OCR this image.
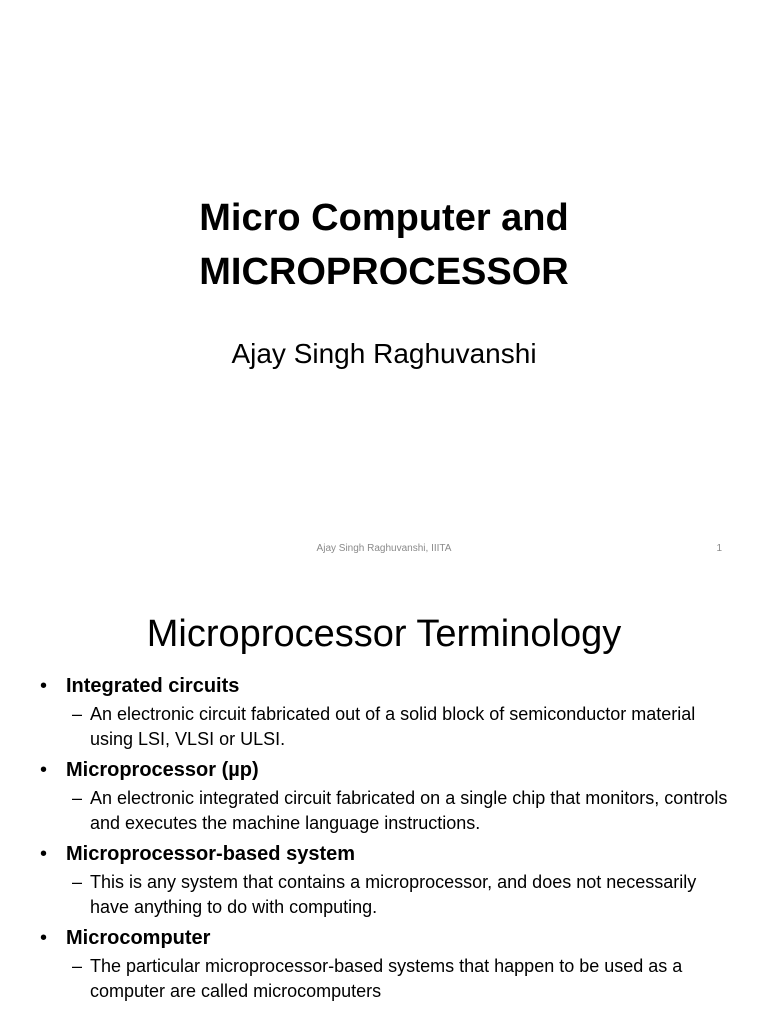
Micro Computer and
MICROPROCESSOR
Ajay Singh Raghuvanshi
Ajay Singh Raghuvanshi, IIITA	1
Microprocessor Terminology
• Integrated circuits
– An electronic circuit fabricated out of a solid block of semiconductor material using LSI, VLSI or ULSI.
• Microprocessor (µp)
– An electronic integrated circuit fabricated on a single chip that monitors, controls and executes the machine language instructions.
• Microprocessor-based system
– This is any system that contains a microprocessor, and does not necessarily have anything to do with computing.
• Microcomputer
– The particular microprocessor-based systems that happen to be used as a computer are called microcomputers
